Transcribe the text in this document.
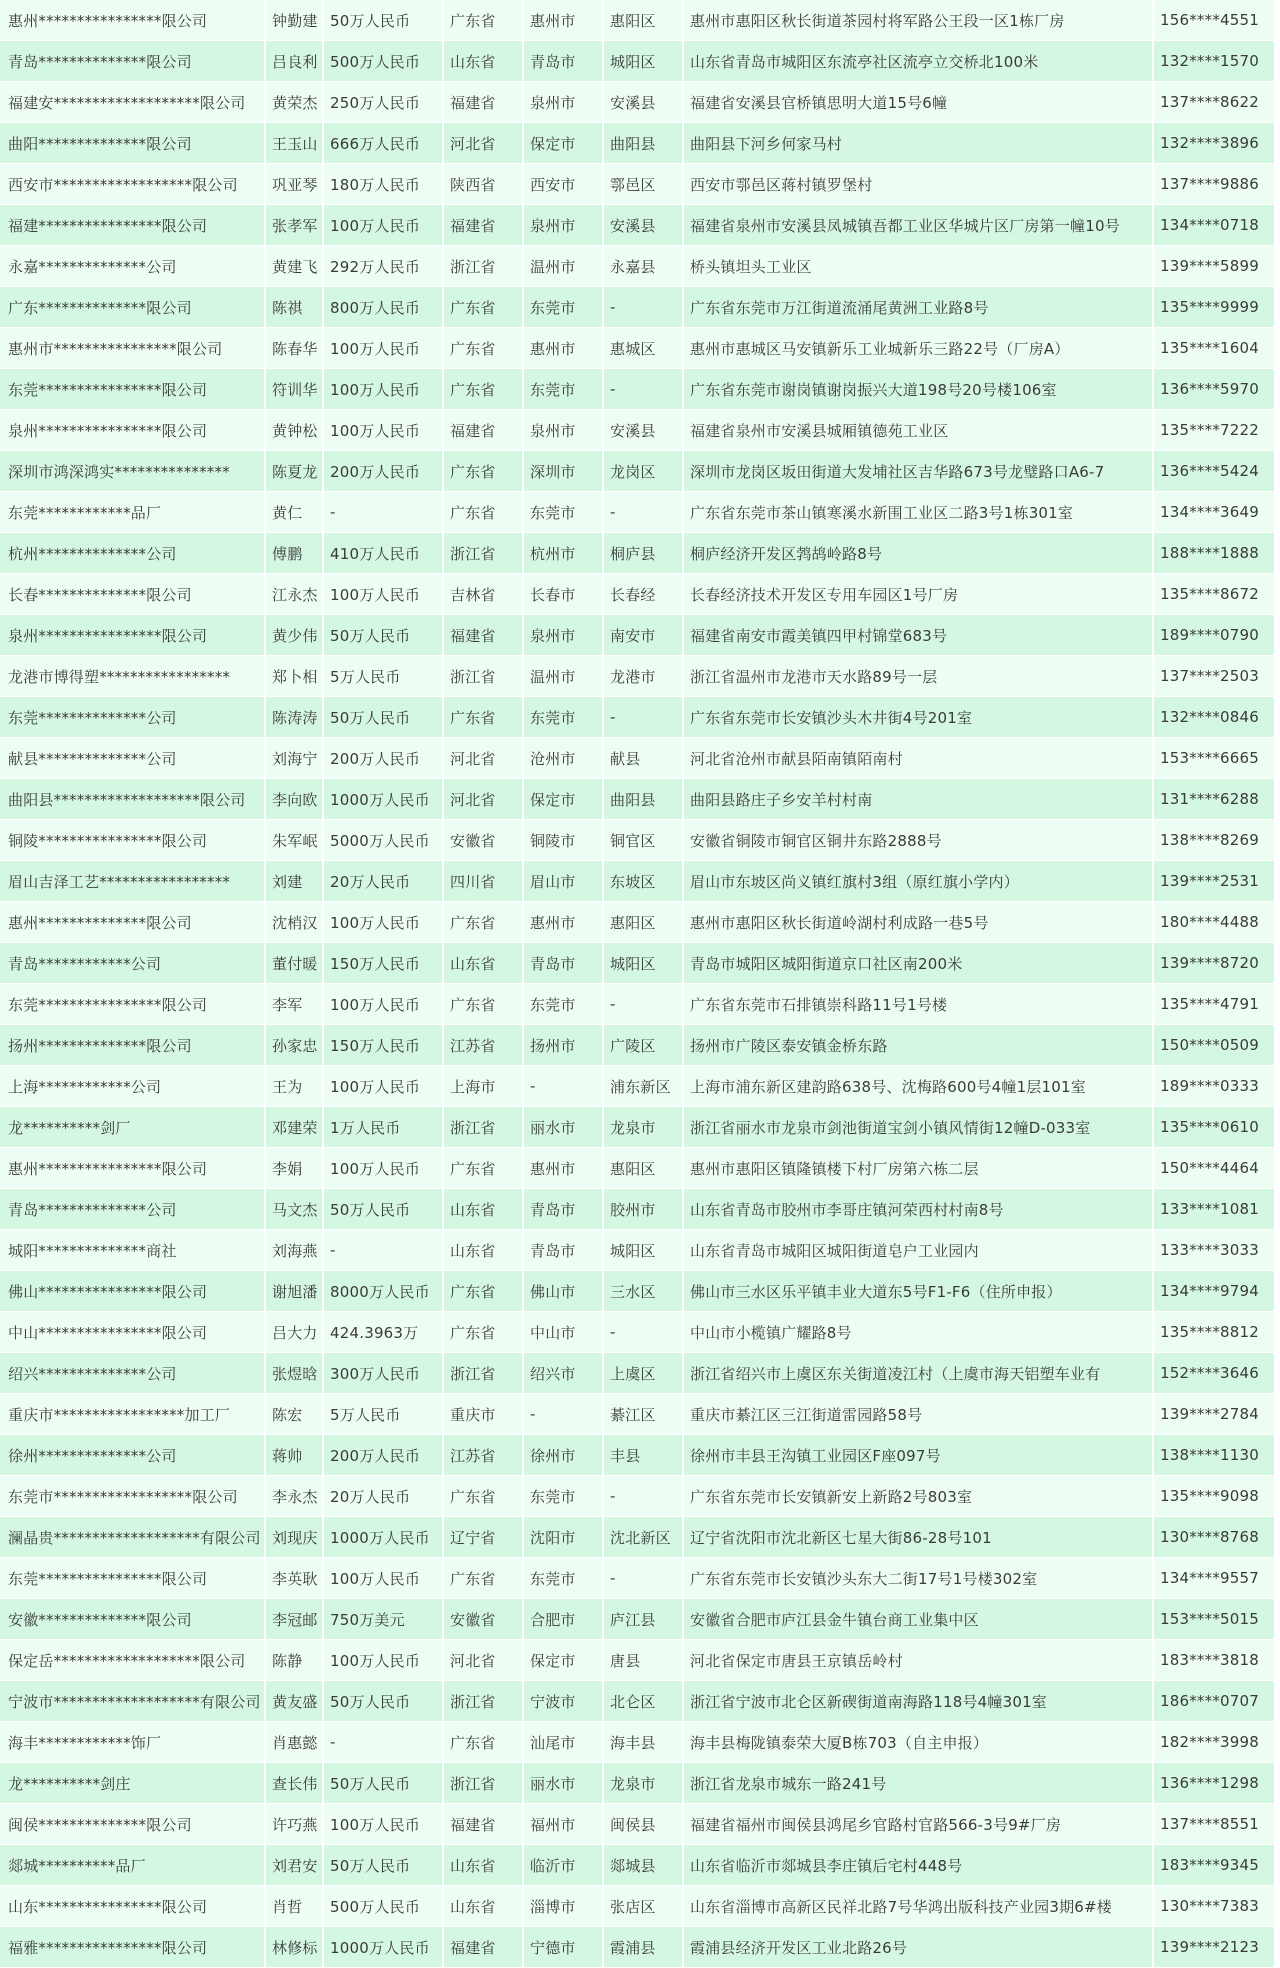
惠州****************限公司	钟勤建	50万人民币	广东省	惠州市	惠阳区	惠州市惠阳区秋长街道茶园村将军路公王段一区1栋厂房	156****4551
青岛**************限公司	吕良利	500万人民币	山东省	青岛市	城阳区	山东省青岛市城阳区东流亭社区流亭立交桥北100米	132****1570
福建安*******************限公司	黄荣杰	250万人民币	福建省	泉州市	安溪县	福建省安溪县官桥镇思明大道15号6幢	137****8622
曲阳**************限公司	王玉山	666万人民币	河北省	保定市	曲阳县	曲阳县下河乡何家马村	132****3896
西安市******************限公司	巩亚琴	180万人民币	陕西省	西安市	鄠邑区	西安市鄠邑区蒋村镇罗堡村	137****9886
福建****************限公司	张孝军	100万人民币	福建省	泉州市	安溪县	福建省泉州市安溪县凤城镇吾都工业区华城片区厂房第一幢10号	134****0718
永嘉**************公司	黄建飞	292万人民币	浙江省	温州市	永嘉县	桥头镇坦头工业区	139****5899
广东**************限公司	陈祺	800万人民币	广东省	东莞市	-	广东省东莞市万江街道流涌尾黄洲工业路8号	135****9999
惠州市****************限公司	陈春华	100万人民币	广东省	惠州市	惠城区	惠州市惠城区马安镇新乐工业城新乐三路22号（厂房A）	135****1604
东莞****************限公司	符训华	100万人民币	广东省	东莞市	-	广东省东莞市谢岗镇谢岗振兴大道198号20号楼106室	136****5970
泉州****************限公司	黄钟松	100万人民币	福建省	泉州市	安溪县	福建省泉州市安溪县城厢镇德苑工业区	135****7222
深圳市鸿深鸿实***************	陈夏龙	200万人民币	广东省	深圳市	龙岗区	深圳市龙岗区坂田街道大发埔社区吉华路673号龙璧路口A6-7	136****5424
东莞************品厂	黄仁	-	广东省	东莞市	-	广东省东莞市茶山镇寒溪水新围工业区二路3号1栋301室	134****3649
杭州**************公司	傅鹏	410万人民币	浙江省	杭州市	桐庐县	桐庐经济开发区鹁鸪岭路8号	188****1888
长春**************限公司	江永杰	100万人民币	吉林省	长春市	长春经	长春经济技术开发区专用车园区1号厂房	135****8672
泉州****************限公司	黄少伟	50万人民币	福建省	泉州市	南安市	福建省南安市霞美镇四甲村锦堂683号	189****0790
龙港市博得塑*****************	郑卜相	5万人民币	浙江省	温州市	龙港市	浙江省温州市龙港市天水路89号一层	137****2503
东莞**************公司	陈涛涛	50万人民币	广东省	东莞市	-	广东省东莞市长安镇沙头木井街4号201室	132****0846
献县**************公司	刘海宁	200万人民币	河北省	沧州市	献县	河北省沧州市献县陌南镇陌南村	153****6665
曲阳县*******************限公司	李向欧	1000万人民币	河北省	保定市	曲阳县	曲阳县路庄子乡安羊村村南	131****6288
铜陵****************限公司	朱军岷	5000万人民币	安徽省	铜陵市	铜官区	安徽省铜陵市铜官区铜井东路2888号	138****8269
眉山吉泽工艺*****************	刘建	20万人民币	四川省	眉山市	东坡区	眉山市东坡区尚义镇红旗村3组（原红旗小学内）	139****2531
惠州**************限公司	沈梢汉	100万人民币	广东省	惠州市	惠阳区	惠州市惠阳区秋长街道岭湖村利成路一巷5号	180****4488
青岛************公司	董付暖	150万人民币	山东省	青岛市	城阳区	青岛市城阳区城阳街道京口社区南200米	139****8720
东莞****************限公司	李军	100万人民币	广东省	东莞市	-	广东省东莞市石排镇崇科路11号1号楼	135****4791
扬州**************限公司	孙家忠	150万人民币	江苏省	扬州市	广陵区	扬州市广陵区泰安镇金桥东路	150****0509
上海************公司	王为	100万人民币	上海市	-	浦东新区	上海市浦东新区建韵路638号、沈梅路600号4幢1层101室	189****0333
龙**********剑厂	邓建荣	1万人民币	浙江省	丽水市	龙泉市	浙江省丽水市龙泉市剑池街道宝剑小镇风情街12幢D-033室	135****0610
惠州****************限公司	李娟	100万人民币	广东省	惠州市	惠阳区	惠州市惠阳区镇隆镇楼下村厂房第六栋二层	150****4464
青岛**************公司	马文杰	50万人民币	山东省	青岛市	胶州市	山东省青岛市胶州市李哥庄镇河荣西村村南8号	133****1081
城阳**************商社	刘海燕	-	山东省	青岛市	城阳区	山东省青岛市城阳区城阳街道皂户工业园内	133****3033
佛山****************限公司	谢旭潘	8000万人民币	广东省	佛山市	三水区	佛山市三水区乐平镇丰业大道东5号F1-F6（住所申报）	134****9794
中山****************限公司	吕大力	424.3963万	广东省	中山市	-	中山市小榄镇广耀路8号	135****8812
绍兴**************公司	张煜晗	300万人民币	浙江省	绍兴市	上虞区	浙江省绍兴市上虞区东关街道凌江村（上虞市海天铝塑车业有	152****3646
重庆市*****************加工厂	陈宏	5万人民币	重庆市	-	綦江区	重庆市綦江区三江街道雷园路58号	139****2784
徐州**************公司	蒋帅	200万人民币	江苏省	徐州市	丰县	徐州市丰县王沟镇工业园区F座097号	138****1130
东莞市******************限公司	李永杰	20万人民币	广东省	东莞市	-	广东省东莞市长安镇新安上新路2号803室	135****9098
澜晶贵*******************有限公司	刘现庆	1000万人民币	辽宁省	沈阳市	沈北新区	辽宁省沈阳市沈北新区七星大街86-28号101	130****8768
东莞****************限公司	李英耿	100万人民币	广东省	东莞市	-	广东省东莞市长安镇沙头东大二街17号1号楼302室	134****9557
安徽**************限公司	李冠邮	750万美元	安徽省	合肥市	庐江县	安徽省合肥市庐江县金牛镇台商工业集中区	153****5015
保定岳*******************限公司	陈静	100万人民币	河北省	保定市	唐县	河北省保定市唐县王京镇岳岭村	183****3818
宁波市*******************有限公司	黄友盛	50万人民币	浙江省	宁波市	北仑区	浙江省宁波市北仑区新碶街道南海路118号4幢301室	186****0707
海丰************饰厂	肖惠懿	-	广东省	汕尾市	海丰县	海丰县梅陇镇泰荣大厦B栋703（自主申报）	182****3998
龙**********剑庄	查长伟	50万人民币	浙江省	丽水市	龙泉市	浙江省龙泉市城东一路241号	136****1298
闽侯**************限公司	许巧燕	100万人民币	福建省	福州市	闽侯县	福建省福州市闽侯县鸿尾乡官路村官路566-3号9#厂房	137****8551
郯城**********品厂	刘君安	50万人民币	山东省	临沂市	郯城县	山东省临沂市郯城县李庄镇后宅村448号	183****9345
山东****************限公司	肖哲	500万人民币	山东省	淄博市	张店区	山东省淄博市高新区民祥北路7号华鸿出版科技产业园3期6#楼	130****7383
福雅****************限公司	林修标	1000万人民币	福建省	宁德市	霞浦县	霞浦县经济开发区工业北路26号	139****2123
